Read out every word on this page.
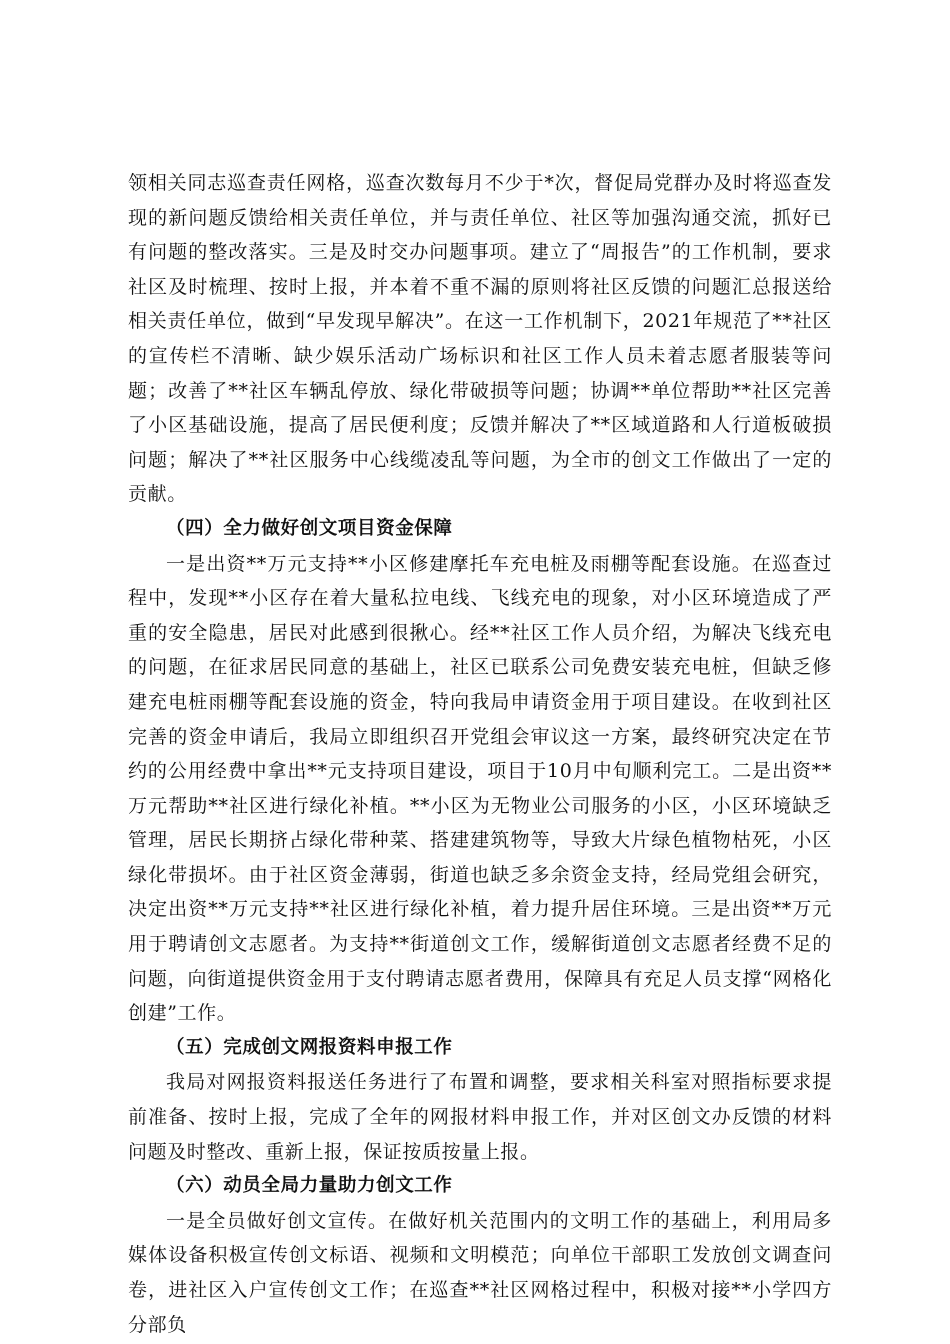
领相关同志巡查责任网格，巡查次数每月不少于*次，督促局党群办及时将巡查发现的新问题反馈给相关责任单位，并与责任单位、社区等加强沟通交流，抓好已有问题的整改落实。三是及时交办问题事项。建立了“周报告”的工作机制，要求社区及时梳理、按时上报，并本着不重不漏的原则将社区反馈的问题汇总报送给相关责任单位，做到“早发现早解决”。在这一工作机制下，2021年规范了**社区的宣传栏不清晰、缺少娱乐活动广场标识和社区工作人员未着志愿者服装等问题；改善了**社区车辆乱停放、绿化带破损等问题；协调**单位帮助**社区完善了小区基础设施，提高了居民便利度；反馈并解决了**区域道路和人行道板破损问题；解决了**社区服务中心线缆凌乱等问题，为全市的创文工作做出了一定的贡献。

（四）全力做好创文项目资金保障

一是出资**万元支持**小区修建摩托车充电桩及雨棚等配套设施。在巡查过程中，发现**小区存在着大量私拉电线、飞线充电的现象，对小区环境造成了严重的安全隐患，居民对此感到很揪心。经**社区工作人员介绍，为解决飞线充电的问题，在征求居民同意的基础上，社区已联系公司免费安装充电桩，但缺乏修建充电桩雨棚等配套设施的资金，特向我局申请资金用于项目建设。在收到社区完善的资金申请后，我局立即组织召开党组会审议这一方案，最终研究决定在节约的公用经费中拿出**元支持项目建设，项目于10月中旬顺利完工。二是出资**万元帮助**社区进行绿化补植。**小区为无物业公司服务的小区，小区环境缺乏管理，居民长期挤占绿化带种菜、搭建建筑物等，导致大片绿色植物枯死，小区绿化带损坏。由于社区资金薄弱，街道也缺乏多余资金支持，经局党组会研究，决定出资**万元支持**社区进行绿化补植，着力提升居住环境。三是出资**万元用于聘请创文志愿者。为支持**街道创文工作，缓解街道创文志愿者经费不足的问题，向街道提供资金用于支付聘请志愿者费用，保障具有充足人员支撑“网格化创建”工作。

（五）完成创文网报资料申报工作

我局对网报资料报送任务进行了布置和调整，要求相关科室对照指标要求提前准备、按时上报，完成了全年的网报材料申报工作，并对区创文办反馈的材料问题及时整改、重新上报，保证按质按量上报。

（六）动员全局力量助力创文工作

一是全员做好创文宣传。在做好机关范围内的文明工作的基础上，利用局多媒体设备积极宣传创文标语、视频和文明模范；向单位干部职工发放创文调查问卷，进社区入户宣传创文工作；在巡查**社区网格过程中，积极对接**小学四方分部负
